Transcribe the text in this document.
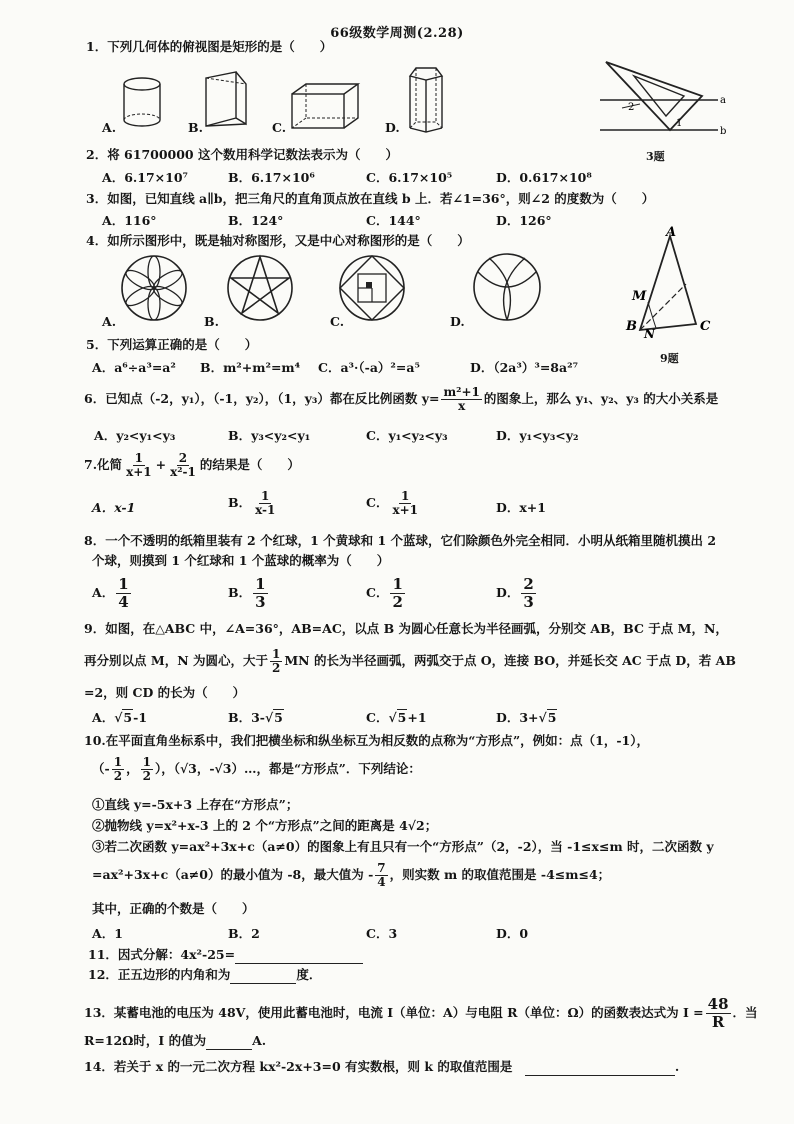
66级数学周测(2.28)
1．下列几何体的俯视图是矩形的是（　　）
A.	B.	C.	D.
a
b
1
2
3题
2．将 61700000 这个数用科学记数法表示为（　　）
A．6.17×10⁷	B．6.17×10⁶	C．6.17×10⁵	D．0.617×10⁸
3．如图，已知直线 a∥b，把三角尺的直角顶点放在直线 b 上．若∠1=36°，则∠2 的度数为（　　）
A．116°	B．124°	C．144°	D．126°
4．如所示图形中，既是轴对称图形，又是中心对称图形的是（　　）
A.	B.	C.	D.
A
B	C
M
N
9题
5．下列运算正确的是（　　）
A．a⁶÷a³=a² B．m²+m²=m⁴ C．a³·（-a）²=a⁵	D．（2a³）³=8a²⁷
6．已知点（-2，y₁），（-1，y₂），（1，y₃）都在反比例函数 $y= \frac{\text{m²+1}}{x}$ 的图象上，那么 y₁、y₂、y₃ 的大小关系是
A．y₂<y₁<y₃	B．y₃<y₂<y₁	C．y₁<y₂<y₃	D．y₁<y₃<y₂
7.化简 $\frac{1}{x+1} + \frac{2}{\text{x²-1}}$ 的结果是（　　）
A．x-1	B． $\frac{1}{x-1}$	C． $\frac{1}{x+1}$	D．x+1
8．一个不透明的纸箱里装有 2 个红球，1 个黄球和 1 个蓝球，它们除颜色外完全相同．小明从纸箱里随机摸出 2
个球，则摸到 1 个红球和 1 个蓝球的概率为（　　）
A． $\frac{1}{4}$	B． $\frac{1}{3}$	C． $\frac{1}{2}$	D． $\frac{2}{3}$
9．如图，在△ABC 中，∠A=36°，AB=AC，以点 B 为圆心任意长为半径画弧，分别交 AB，BC 于点 M，N，
再分别以点 M，N 为圆心，大于 $\frac{1}{2}$ MN 的长为半径画弧，两弧交于点 O，连接 BO，并延长交 AC 于点 D，若 AB
=2，则 CD 的长为（　　）
A．√5-1	B．3-√5	C．√5+1	D．3+√5
10.在平面直角坐标系中，我们把横坐标和纵坐标互为相反数的点称为“方形点”，例如：点（1，-1），
（- $\frac{1}{2}$ ， $\frac{1}{2}$ ），（√3，-√3）…，都是“方形点”．下列结论：
①直线 y=-5x+3 上存在“方形点”；
②抛物线 y=x²+x-3 上的 2 个“方形点”之间的距离是 4√2；
③若二次函数 y=ax²+3x+c（a≠0）的图象上有且只有一个“方形点”（2，-2），当 -1≤x≤m 时，二次函数 y
=ax²+3x+c（a≠0）的最小值为 -8，最大值为 - $\frac{7}{4}$ ，则实数 m 的取值范围是 -4≤m≤4；
其中，正确的个数是（　　）
A．1	B．2	C．3	D．0
11．因式分解：4x²-25=
12．正五边形的内角和为	度．
13．某蓄电池的电压为 48V，使用此蓄电池时，电流 I（单位：A）与电阻 R（单位：Ω）的函数表达式为 $I = \frac{48}{R}$ ．当
R=12Ω时，I 的值为	A.
14．若关于 x 的一元二次方程 kx²-2x+3=0 有实数根，则 k 的取值范围是　	.
